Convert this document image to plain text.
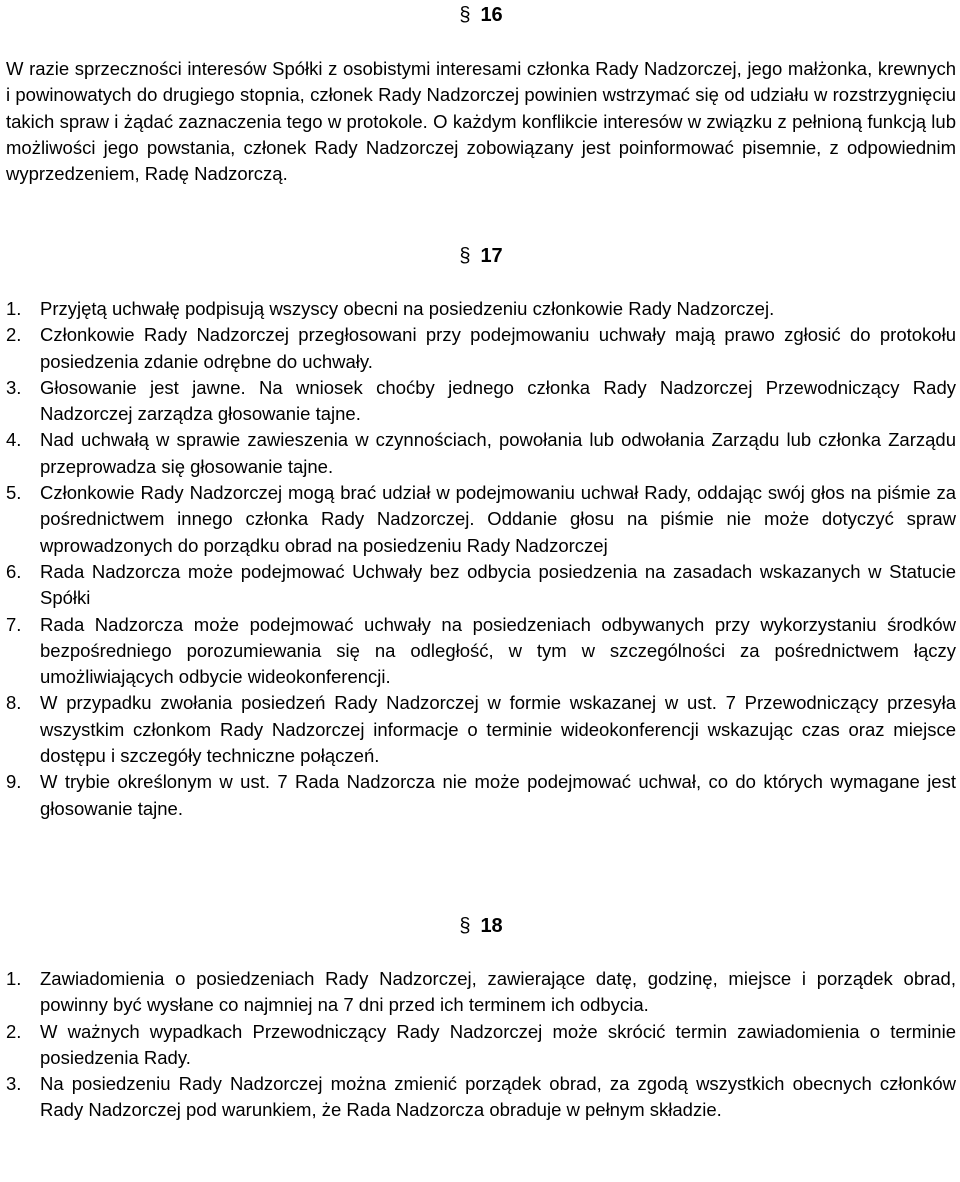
§ 16
W razie sprzeczności interesów Spółki z osobistymi interesami członka Rady Nadzorczej, jego małżonka, krewnych i powinowatych do drugiego stopnia, członek Rady Nadzorczej powinien wstrzymać się od udziału w rozstrzygnięciu takich spraw i żądać zaznaczenia tego w protokole. O każdym konflikcie interesów w związku z pełnioną funkcją lub możliwości jego powstania, członek Rady Nadzorczej zobowiązany jest poinformować pisemnie, z odpowiednim wyprzedzeniem, Radę Nadzorczą.
§ 17
1. Przyjętą uchwałę podpisują wszyscy obecni na posiedzeniu członkowie Rady Nadzorczej.
2. Członkowie Rady Nadzorczej przegłosowani przy podejmowaniu uchwały mają prawo zgłosić do protokołu posiedzenia zdanie odrębne do uchwały.
3. Głosowanie jest jawne. Na wniosek choćby jednego członka Rady Nadzorczej Przewodniczący Rady Nadzorczej zarządza głosowanie tajne.
4. Nad uchwałą w sprawie zawieszenia w czynnościach, powołania lub odwołania Zarządu lub członka Zarządu przeprowadza się głosowanie tajne.
5. Członkowie Rady Nadzorczej mogą brać udział w podejmowaniu uchwał Rady, oddając swój głos na piśmie za pośrednictwem innego członka Rady Nadzorczej. Oddanie głosu na piśmie nie może dotyczyć spraw wprowadzonych do porządku obrad na posiedzeniu Rady Nadzorczej
6. Rada Nadzorcza może podejmować Uchwały bez odbycia posiedzenia na zasadach wskazanych w Statucie Spółki
7. Rada Nadzorcza może podejmować uchwały na posiedzeniach odbywanych przy wykorzystaniu środków bezpośredniego porozumiewania się na odległość, w tym w szczególności za pośrednictwem łączy umożliwiających odbycie wideokonferencji.
8. W przypadku zwołania posiedzeń Rady Nadzorczej w formie wskazanej w ust. 7 Przewodniczący przesyła wszystkim członkom Rady Nadzorczej informacje o terminie wideokonferencji wskazując czas oraz miejsce dostępu i szczegóły techniczne połączeń.
9. W trybie określonym w ust. 7 Rada Nadzorcza nie może podejmować uchwał, co do których wymagane jest głosowanie tajne.
§ 18
1. Zawiadomienia o posiedzeniach Rady Nadzorczej, zawierające datę, godzinę, miejsce i porządek obrad, powinny być wysłane co najmniej na 7 dni przed ich terminem ich odbycia.
2. W ważnych wypadkach Przewodniczący Rady Nadzorczej może skrócić termin zawiadomienia o terminie posiedzenia Rady.
3. Na posiedzeniu Rady Nadzorczej można zmienić porządek obrad, za zgodą wszystkich obecnych członków Rady Nadzorczej pod warunkiem, że Rada Nadzorcza obraduje w pełnym składzie.
